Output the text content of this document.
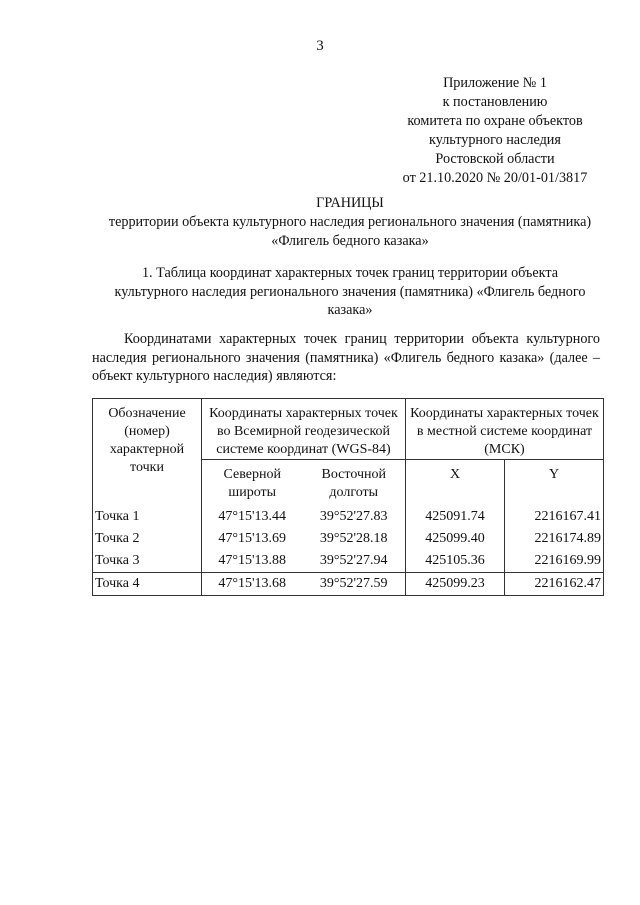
3
Приложение № 1
к постановлению
комитета по охране объектов
культурного наследия
Ростовской области
от 21.10.2020 № 20/01-01/3817
ГРАНИЦЫ
территории объекта культурного наследия регионального значения (памятника)
«Флигель бедного казака»
1. Таблица координат характерных точек границ территории объекта
культурного наследия регионального значения (памятника) «Флигель бедного
казака»
Координатами характерных точек границ территории объекта культурного наследия регионального значения (памятника) «Флигель бедного казака» (далее – объект культурного наследия) являются:
Обозначение (номер) характерной точки	Координаты характерных точек во Всемирной геодезической системе координат (WGS-84)		Координаты характерных точек в местной системе координат (МСК)	
	Северной широты	Восточной долготы	X	Y
Точка 1	47°15'13.44	39°52'27.83	425091.74	2216167.41
Точка 2	47°15'13.69	39°52'28.18	425099.40	2216174.89
Точка 3	47°15'13.88	39°52'27.94	425105.36	2216169.99
Точка 4	47°15'13.68	39°52'27.59	425099.23	2216162.47
